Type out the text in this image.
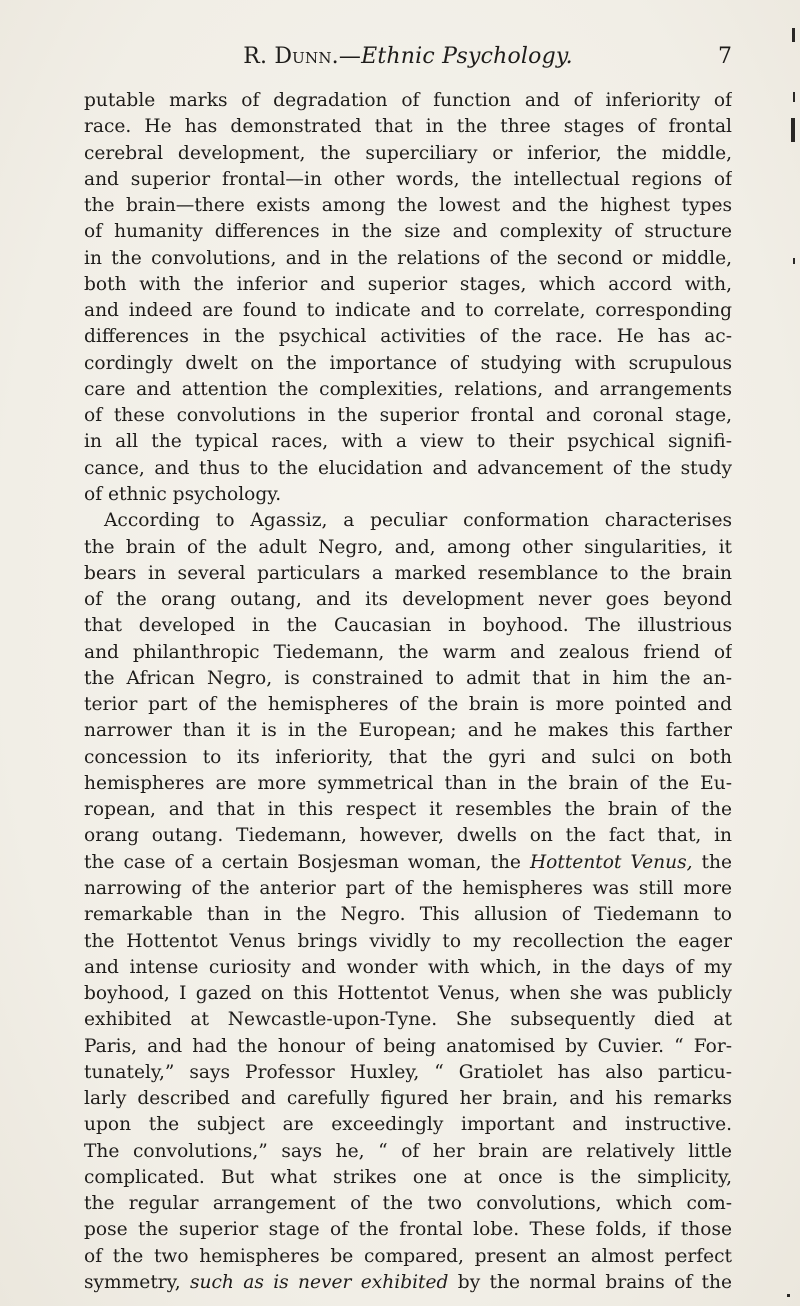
R. Dunn.—Ethnic Psychology.	7
putable marks of degradation of function and of inferiority of
race. He has demonstrated that in the three stages of frontal
cerebral development, the superciliary or inferior, the middle,
and superior frontal—in other words, the intellectual regions of
the brain—there exists among the lowest and the highest types
of humanity differences in the size and complexity of structure
in the convolutions, and in the relations of the second or middle,
both with the inferior and superior stages, which accord with,
and indeed are found to indicate and to correlate, corresponding
differences in the psychical activities of the race. He has ac-
cordingly dwelt on the importance of studying with scrupulous
care and attention the complexities, relations, and arrangements
of these convolutions in the superior frontal and coronal stage,
in all the typical races, with a view to their psychical signifi-
cance, and thus to the elucidation and advancement of the study
of ethnic psychology.
According to Agassiz, a peculiar conformation characterises
the brain of the adult Negro, and, among other singularities, it
bears in several particulars a marked resemblance to the brain
of the orang outang, and its development never goes beyond
that developed in the Caucasian in boyhood. The illustrious
and philanthropic Tiedemann, the warm and zealous friend of
the African Negro, is constrained to admit that in him the an-
terior part of the hemispheres of the brain is more pointed and
narrower than it is in the European; and he makes this farther
concession to its inferiority, that the gyri and sulci on both
hemispheres are more symmetrical than in the brain of the Eu-
ropean, and that in this respect it resembles the brain of the
orang outang. Tiedemann, however, dwells on the fact that, in
the case of a certain Bosjesman woman, the Hottentot Venus, the
narrowing of the anterior part of the hemispheres was still more
remarkable than in the Negro. This allusion of Tiedemann to
the Hottentot Venus brings vividly to my recollection the eager
and intense curiosity and wonder with which, in the days of my
boyhood, I gazed on this Hottentot Venus, when she was publicly
exhibited at Newcastle-upon-Tyne. She subsequently died at
Paris, and had the honour of being anatomised by Cuvier. “ For-
tunately,” says Professor Huxley, “ Gratiolet has also particu-
larly described and carefully figured her brain, and his remarks
upon the subject are exceedingly important and instructive.
The convolutions,” says he, “ of her brain are relatively little
complicated. But what strikes one at once is the simplicity,
the regular arrangement of the two convolutions, which com-
pose the superior stage of the frontal lobe. These folds, if those
of the two hemispheres be compared, present an almost perfect
symmetry, such as is never exhibited by the normal brains of the
